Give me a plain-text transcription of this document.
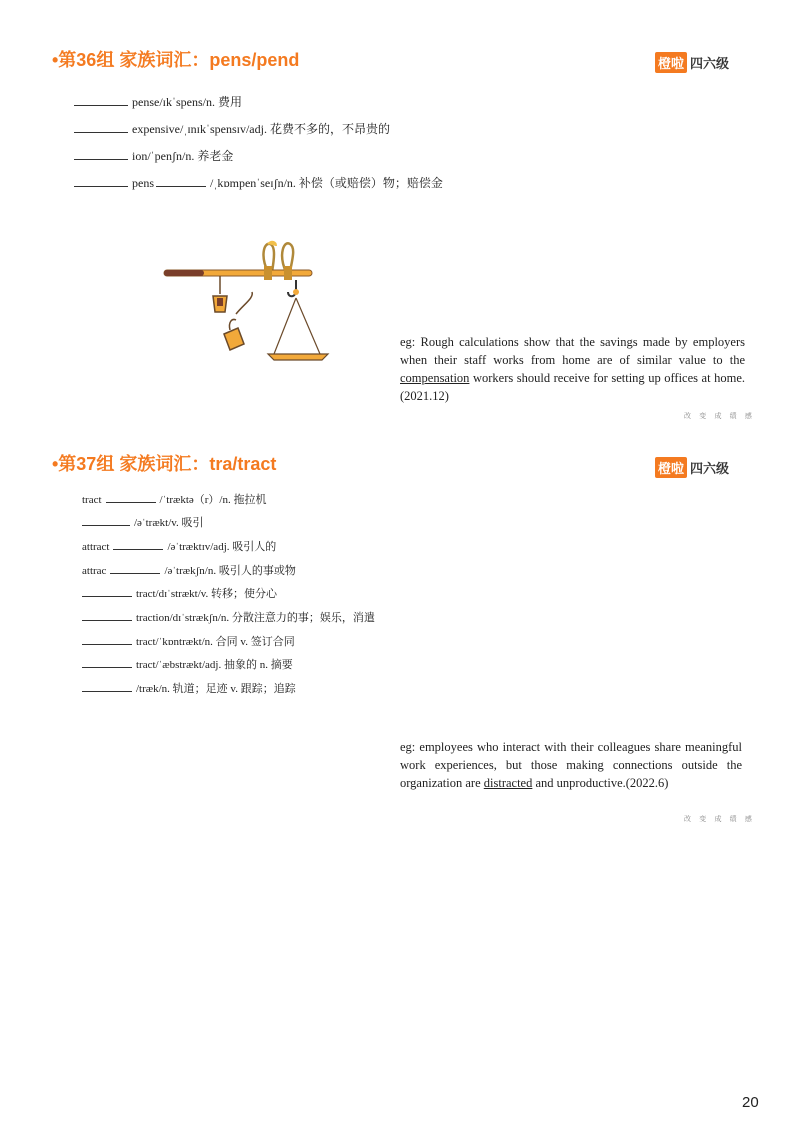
•第36组 家族词汇：pens/pend	橙啦 四六级
pense/ɪkˈspens/n. 费用
expensive/ˌɪnɪkˈspensɪv/adj. 花费不多的，不昂贵的
ion/ˈpenʃn/n. 养老金
pens	/ˌkɒmpenˈseɪʃn/n. 补偿（或赔偿）物；赔偿金
eg: Rough calculations show that the savings made by employers when their staff works from home are of similar value to the compensation workers should receive for setting up offices at home.(2021.12)
改 变 成 绩 感
•第37组 家族词汇：tra/tract	橙啦 四六级
tract	/ˈtræktə（r）/n. 拖拉机
/əˈtrækt/v. 吸引
attract	/əˈtræktɪv/adj. 吸引人的
attrac	/əˈtrækʃn/n. 吸引人的事或物
tract/dɪˈstrækt/v. 转移；使分心
traction/dɪˈstrækʃn/n. 分散注意力的事；娱乐，消遣
tract/ˈkɒntrækt/n. 合同 v. 签订合同
tract/ˈæbstrækt/adj. 抽象的 n. 摘要
/træk/n. 轨道；足迹 v. 跟踪；追踪
eg: employees who interact with their colleagues share meaningful work experiences, but those making connections outside the organization are distracted and unproductive.(2022.6)
改 变 成 绩 感
20
